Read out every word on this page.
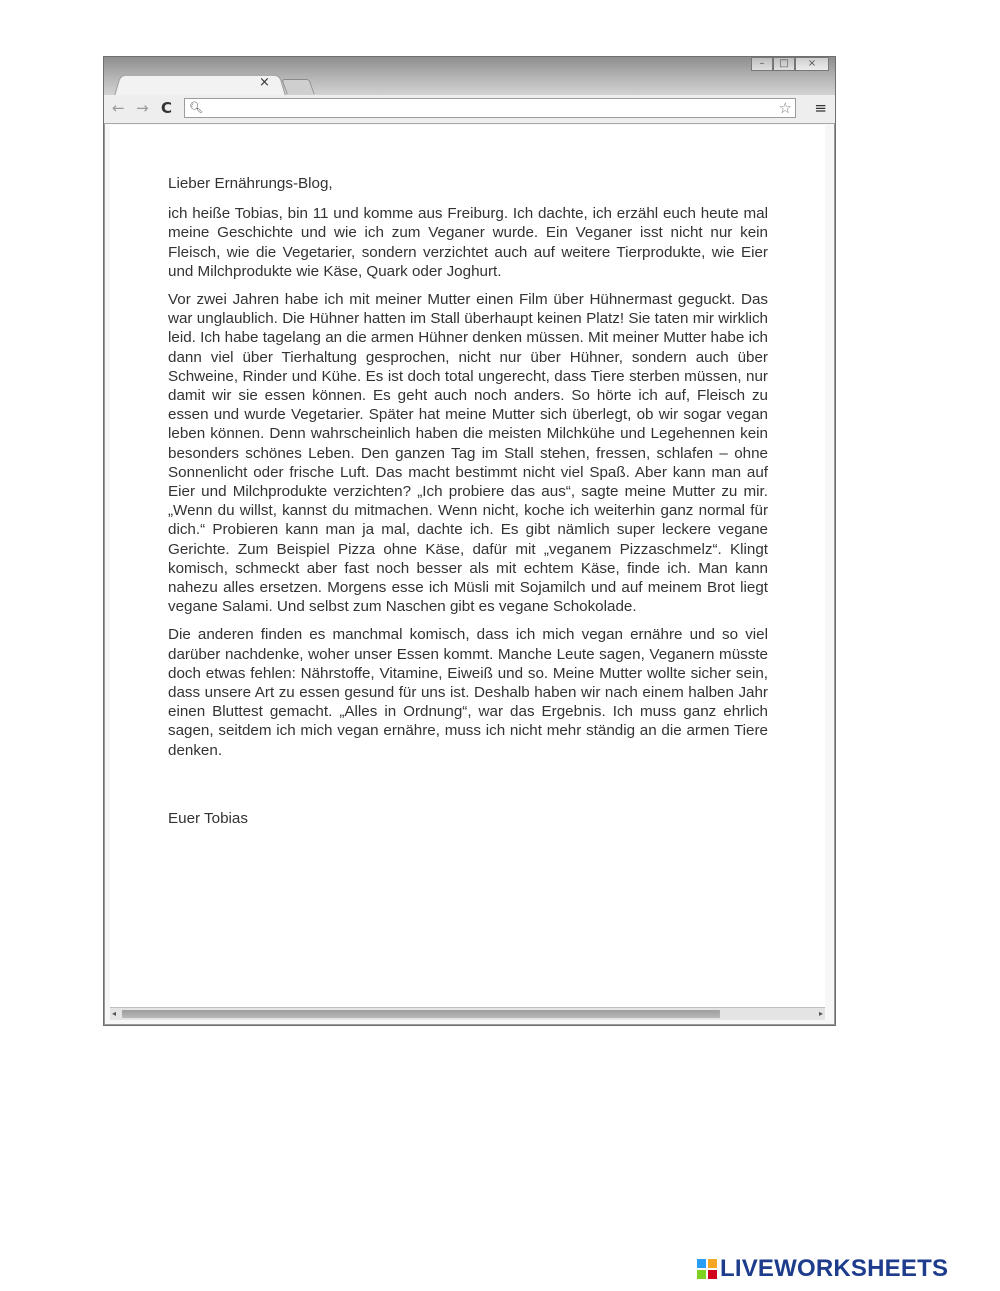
×
–	□	×
← → C 🔍︎	☆ ≡

Lieber Ernährungs-Blog,

ich heiße Tobias, bin 11 und komme aus Freiburg. Ich dachte, ich erzähl euch heute mal meine Geschichte und wie ich zum Veganer wurde. Ein Veganer isst nicht nur kein Fleisch, wie die Vegetarier, sondern verzichtet auch auf weitere Tierprodukte, wie Eier und Milchprodukte wie Käse, Quark oder Joghurt.

Vor zwei Jahren habe ich mit meiner Mutter einen Film über Hühnermast geguckt. Das war unglaublich. Die Hühner hatten im Stall überhaupt keinen Platz! Sie taten mir wirklich leid. Ich habe tagelang an die armen Hühner denken müssen. Mit meiner Mutter habe ich dann viel über Tierhaltung gesprochen, nicht nur über Hühner, sondern auch über Schweine, Rinder und Kühe. Es ist doch total ungerecht, dass Tiere sterben müssen, nur damit wir sie essen können. Es geht auch noch anders. So hörte ich auf, Fleisch zu essen und wurde Vegetarier. Später hat meine Mutter sich überlegt, ob wir sogar vegan leben können. Denn wahrscheinlich haben die meisten Milchkühe und Legehennen kein besonders schönes Leben. Den ganzen Tag im Stall stehen, fressen, schlafen – ohne Sonnenlicht oder frische Luft. Das macht bestimmt nicht viel Spaß. Aber kann man auf Eier und Milchprodukte verzichten? „Ich probiere das aus“, sagte meine Mutter zu mir. „Wenn du willst, kannst du mitmachen. Wenn nicht, koche ich weiterhin ganz normal für dich.“ Probieren kann man ja mal, dachte ich. Es gibt nämlich super leckere vegane Gerichte. Zum Beispiel Pizza ohne Käse, dafür mit „veganem Pizzaschmelz“. Klingt komisch, schmeckt aber fast noch besser als mit echtem Käse, finde ich. Man kann nahezu alles ersetzen. Morgens esse ich Müsli mit Sojamilch und auf meinem Brot liegt vegane Salami. Und selbst zum Naschen gibt es vegane Schokolade.

Die anderen finden es manchmal komisch, dass ich mich vegan ernähre und so viel darüber nachdenke, woher unser Essen kommt. Manche Leute sagen, Veganern müsste doch etwas fehlen: Nährstoffe, Vitamine, Eiweiß und so. Meine Mutter wollte sicher sein, dass unsere Art zu essen gesund für uns ist. Deshalb haben wir nach einem halben Jahr einen Bluttest gemacht. „Alles in Ordnung“, war das Ergebnis. Ich muss ganz ehrlich sagen, seitdem ich mich vegan ernähre, muss ich nicht mehr ständig an die armen Tiere denken.

Euer Tobias

◂	▸
LIVEWORKSHEETS
